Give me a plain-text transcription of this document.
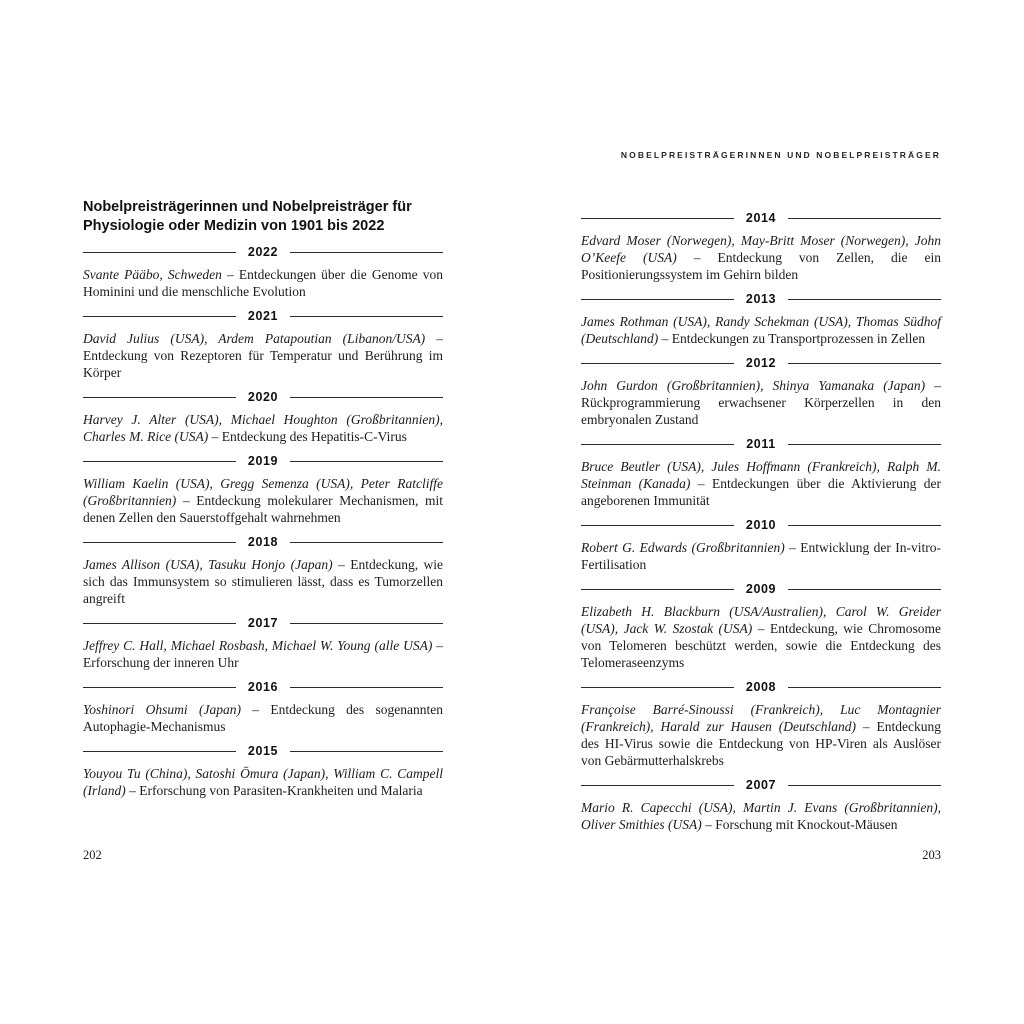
NOBELPREISTRÄGERINNEN UND NOBELPREISTRÄGER
Nobelpreisträgerinnen und Nobelpreisträger für Physiologie oder Medizin von 1901 bis 2022
2022

Svante Pääbo, Schweden – Entdeckungen über die Genome von Hominini und die menschliche Evolution

2021

David Julius (USA), Ardem Patapoutian (Libanon/USA) – Entdeckung von Rezeptoren für Temperatur und Berührung im Körper

2020

Harvey J. Alter (USA), Michael Houghton (Großbritannien), Charles M. Rice (USA) – Entdeckung des Hepatitis-C-Virus

2019

William Kaelin (USA), Gregg Semenza (USA), Peter Ratcliffe (Großbritannien) – Entdeckung molekularer Mechanismen, mit denen Zellen den Sauerstoffgehalt wahrnehmen

2018

James Allison (USA), Tasuku Honjo (Japan) – Entdeckung, wie sich das Immunsystem so stimulieren lässt, dass es Tumorzellen angreift

2017

Jeffrey C. Hall, Michael Rosbash, Michael W. Young (alle USA) – Erforschung der inneren Uhr

2016

Yoshinori Ohsumi (Japan) – Entdeckung des sogenannten Autophagie-Mechanismus

2015

Youyou Tu (China), Satoshi Ōmura (Japan), William C. Campell (Irland) – Erforschung von Parasiten-Krankheiten und Malaria

2014

Edvard Moser (Norwegen), May-Britt Moser (Norwegen), John O’Keefe (USA) – Entdeckung von Zellen, die ein Positionierungssystem im Gehirn bilden

2013

James Rothman (USA), Randy Schekman (USA), Thomas Südhof (Deutschland) – Entdeckungen zu Transportprozessen in Zellen

2012

John Gurdon (Großbritannien), Shinya Yamanaka (Japan) – Rückprogrammierung erwachsener Körperzellen in den embryonalen Zustand

2011

Bruce Beutler (USA), Jules Hoffmann (Frankreich), Ralph M. Steinman (Kanada) – Entdeckungen über die Aktivierung der angeborenen Immunität

2010

Robert G. Edwards (Großbritannien) – Entwicklung der In-vitro-Fertilisation

2009

Elizabeth H. Blackburn (USA/Australien), Carol W. Greider (USA), Jack W. Szostak (USA) – Entdeckung, wie Chromosome von Telomeren beschützt werden, sowie die Entdeckung des Telomeraseenzyms

2008

Françoise Barré-Sinoussi (Frankreich), Luc Montagnier (Frankreich), Harald zur Hausen (Deutschland) – Entdeckung des HI-Virus sowie die Entdeckung von HP-Viren als Auslöser von Gebärmutterhalskrebs

2007

Mario R. Capecchi (USA), Martin J. Evans (Großbritannien), Oliver Smithies (USA) – Forschung mit Knockout-Mäusen

202	203
